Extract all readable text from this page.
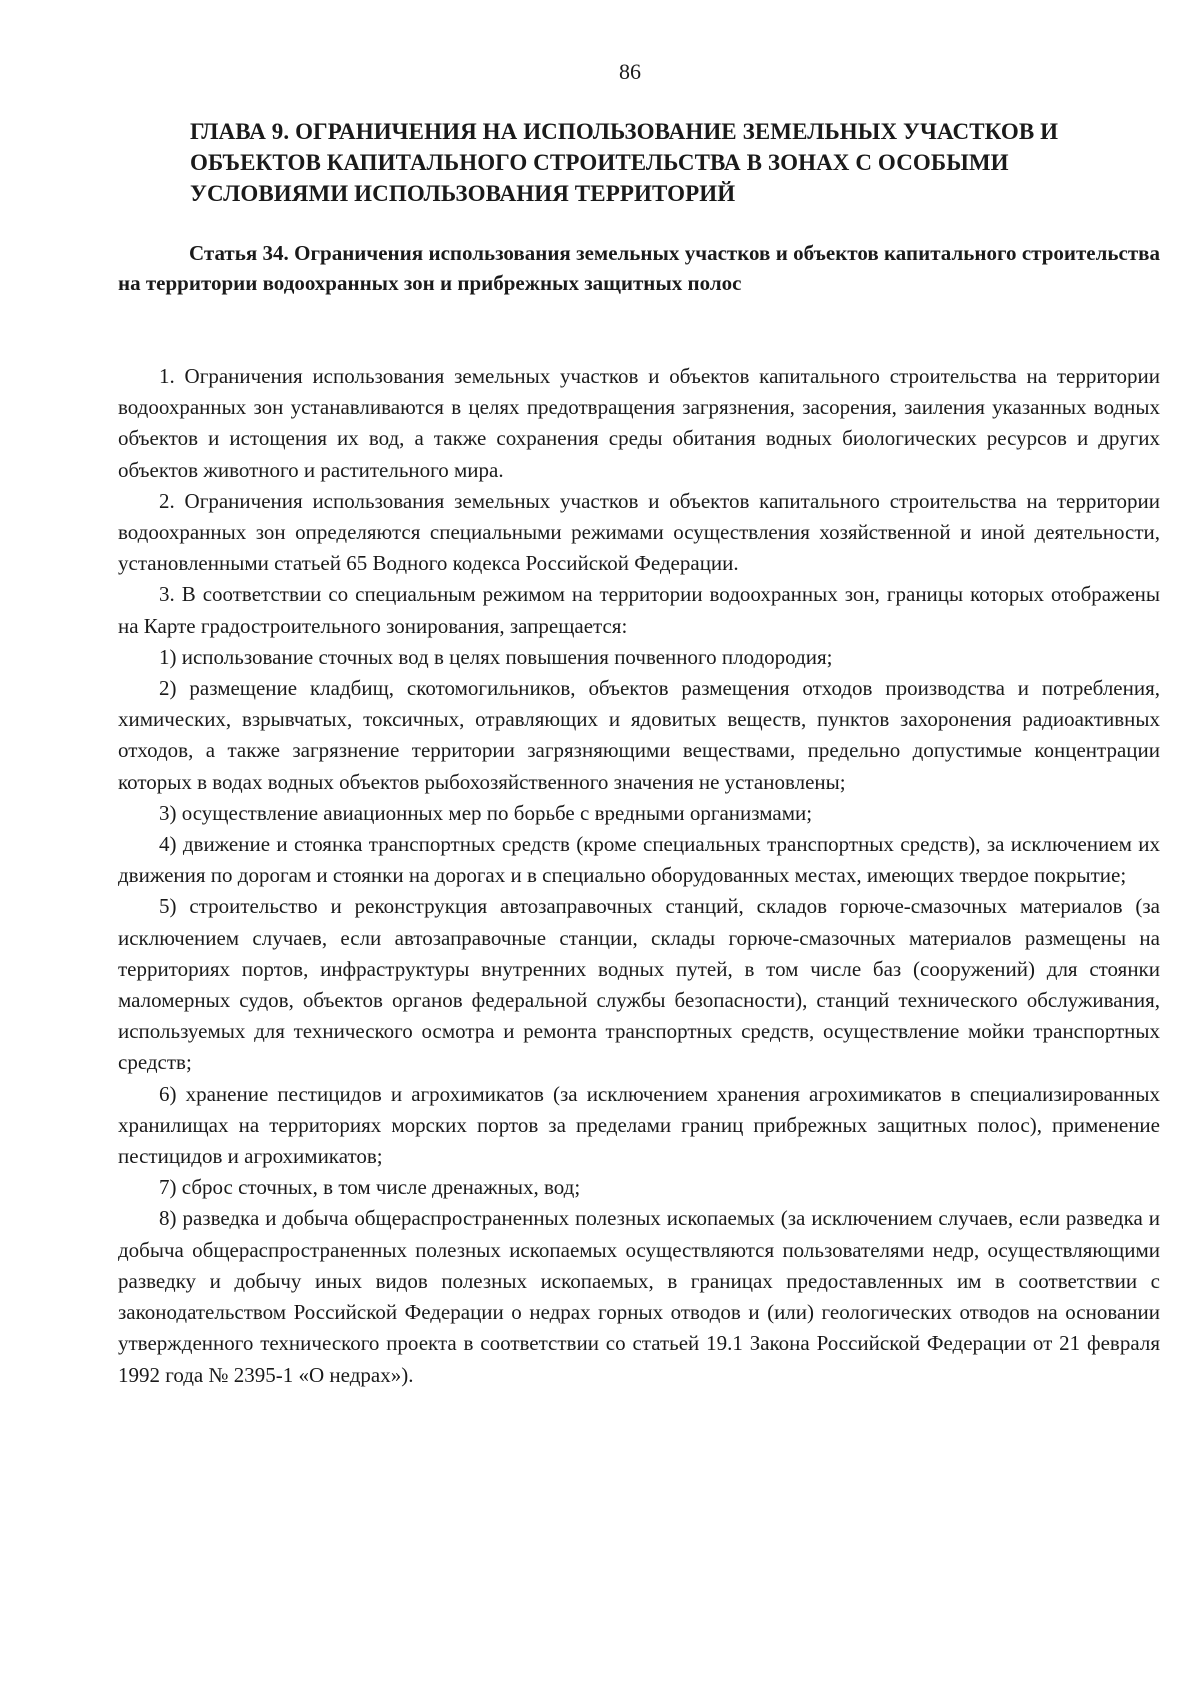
86
ГЛАВА 9. ОГРАНИЧЕНИЯ НА ИСПОЛЬЗОВАНИЕ ЗЕМЕЛЬНЫХ УЧАСТКОВ И ОБЪЕКТОВ КАПИТАЛЬНОГО СТРОИТЕЛЬСТВА В ЗОНАХ С ОСОБЫМИ УСЛОВИЯМИ ИСПОЛЬЗОВАНИЯ ТЕРРИТОРИЙ
Статья 34. Ограничения использования земельных участков и объектов капитального строительства на территории водоохранных зон и прибрежных защитных полос

1. Ограничения использования земельных участков и объектов капитального строительства на территории водоохранных зон устанавливаются в целях предотвращения загрязнения, засорения, заиления указанных водных объектов и истощения их вод, а также сохранения среды обитания водных биологических ресурсов и других объектов животного и растительного мира.

2. Ограничения использования земельных участков и объектов капитального строительства на территории водоохранных зон определяются специальными режимами осуществления хозяйственной и иной деятельности, установленными статьей 65 Водного кодекса Российской Федерации.

3. В соответствии со специальным режимом на территории водоохранных зон, границы которых отображены на Карте градостроительного зонирования, запрещается:

1) использование сточных вод в целях повышения почвенного плодородия;

2) размещение кладбищ, скотомогильников, объектов размещения отходов производства и потребления, химических, взрывчатых, токсичных, отравляющих и ядовитых веществ, пунктов захоронения радиоактивных отходов, а также загрязнение территории загрязняющими веществами, предельно допустимые концентрации которых в водах водных объектов рыбохозяйственного значения не установлены;

3) осуществление авиационных мер по борьбе с вредными организмами;

4) движение и стоянка транспортных средств (кроме специальных транспортных средств), за исключением их движения по дорогам и стоянки на дорогах и в специально оборудованных местах, имеющих твердое покрытие;

5) строительство и реконструкция автозаправочных станций, складов горюче-смазочных материалов (за исключением случаев, если автозаправочные станции, склады горюче-смазочных материалов размещены на территориях портов, инфраструктуры внутренних водных путей, в том числе баз (сооружений) для стоянки маломерных судов, объектов органов федеральной службы безопасности), станций технического обслуживания, используемых для технического осмотра и ремонта транспортных средств, осуществление мойки транспортных средств;

6) хранение пестицидов и агрохимикатов (за исключением хранения агрохимикатов в специализированных хранилищах на территориях морских портов за пределами границ прибрежных защитных полос), применение пестицидов и агрохимикатов;

7) сброс сточных, в том числе дренажных, вод;

8) разведка и добыча общераспространенных полезных ископаемых (за исключением случаев, если разведка и добыча общераспространенных полезных ископаемых осуществляются пользователями недр, осуществляющими разведку и добычу иных видов полезных ископаемых, в границах предоставленных им в соответствии с законодательством Российской Федерации о недрах горных отводов и (или) геологических отводов на основании утвержденного технического проекта в соответствии со статьей 19.1 Закона Российской Федерации от 21 февраля 1992 года № 2395-1 «О недрах»).
